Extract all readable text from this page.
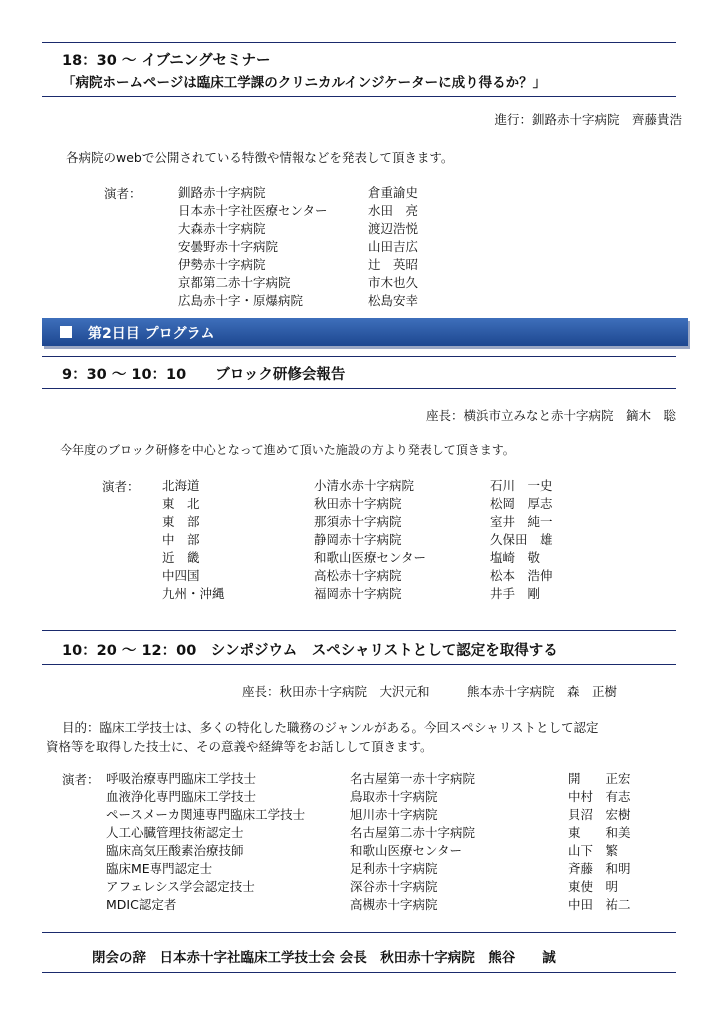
18：30 〜 イブニングセミナー
「病院ホームページは臨床工学課のクリニカルインジケーターに成り得るか？」
進行：釧路赤十字病院　齊藤貴浩
各病院のwebで公開されている特徴や情報などを発表して頂きます。
演者：	釧路赤十字病院
日本赤十字社医療センター
大森赤十字病院
安曇野赤十字病院
伊勢赤十字病院
京都第二赤十字病院
広島赤十字・原爆病院
倉重諭史
水田　亮
渡辺浩悦
山田吉広
辻　英昭
市木也久
松島安幸
第2日目 プログラム
9：30 〜 10：10　　ブロック研修会報告
座長：横浜市立みなと赤十字病院　鏑木　聡
今年度のブロック研修を中心となって進めて頂いた施設の方より発表して頂きます。
演者： 北海道
東　北
東　部
中　部
近　畿
中四国
九州・沖縄
小清水赤十字病院
秋田赤十字病院
那須赤十字病院
静岡赤十字病院
和歌山医療センター
高松赤十字病院
福岡赤十字病院
石川　一史
松岡　厚志
室井　純一
久保田　雄
塩崎　敬
松本　浩伸
井手　剛
10：20 〜 12：00　シンポジウム　スペシャリストとして認定を取得する
座長：秋田赤十字病院　大沢元和　　　熊本赤十字病院　森　正樹
目的：臨床工学技士は、多くの特化した職務のジャンルがある。今回スペシャリストとして認定
資格等を取得した技士に、その意義や経緯等をお話しして頂きます。
演者： 呼吸治療専門臨床工学技士
血液浄化専門臨床工学技士
ペースメーカ関連専門臨床工学技士
人工心臓管理技術認定士
臨床高気圧酸素治療技師
臨床ME専門認定士
アフェレシス学会認定技士
MDIC認定者
名古屋第一赤十字病院
鳥取赤十字病院
旭川赤十字病院
名古屋第二赤十字病院
和歌山医療センター
足利赤十字病院
深谷赤十字病院
高槻赤十字病院
開　　正宏
中村　有志
貝沼　宏樹
東　　和美
山下　繁
斉藤　和明
東使　明
中田　祐二
閉会の辞　日本赤十字社臨床工学技士会 会長　秋田赤十字病院　熊谷　　誠
